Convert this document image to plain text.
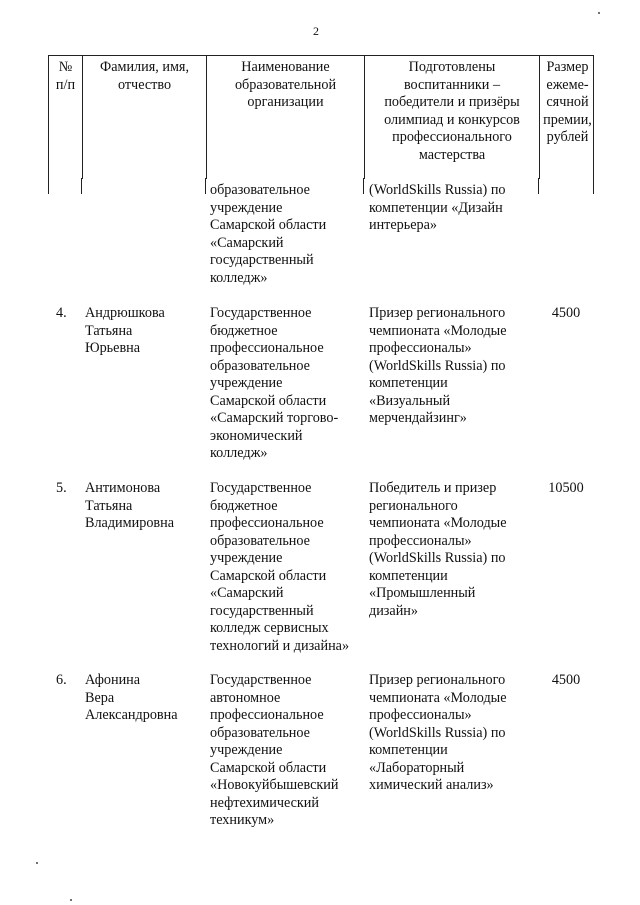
2
№
п/п
Фамилия, имя,
отчество
Наименование
образовательной
организации
Подготовлены
воспитанники –
победители и призёры
олимпиад и конкурсов
профессионального
мастерства
Размер
ежеме-
сячной
премии,
рублей
образовательное
учреждение
Самарской области
«Самарский
государственный
колледж»
(WorldSkills Russia) по
компетенции «Дизайн
интерьера»
4. Андрюшкова
Татьяна
Юрьевна
Государственное
бюджетное
профессиональное
образовательное
учреждение
Самарской области
«Самарский торгово-
экономический
колледж»
Призер регионального
чемпионата «Молодые
профессионалы»
(WorldSkills Russia) по
компетенции
«Визуальный
мерчендайзинг»
4500
5. Антимонова
Татьяна
Владимировна
Государственное
бюджетное
профессиональное
образовательное
учреждение
Самарской области
«Самарский
государственный
колледж сервисных
технологий и дизайна»
Победитель и призер
регионального
чемпионата «Молодые
профессионалы»
(WorldSkills Russia) по
компетенции
«Промышленный
дизайн»
10500
6. Афонина
Вера
Александровна
Государственное
автономное
профессиональное
образовательное
учреждение
Самарской области
«Новокуйбышевский
нефтехимический
техникум»
Призер регионального
чемпионата «Молодые
профессионалы»
(WorldSkills Russia) по
компетенции
«Лабораторный
химический анализ»
4500
